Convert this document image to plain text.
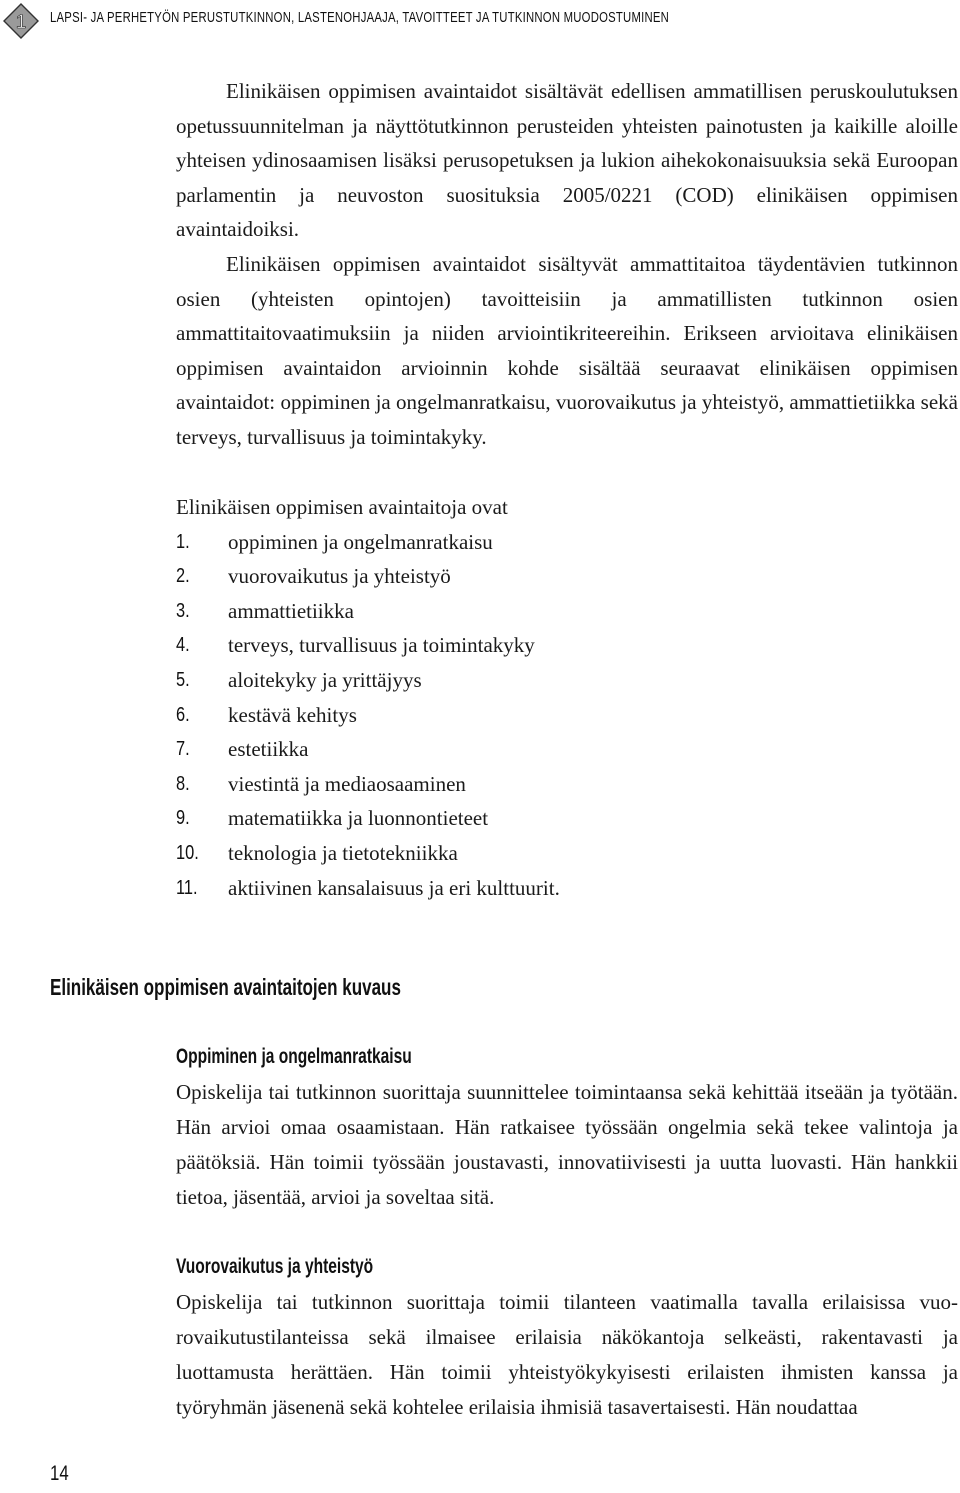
1 LAPSI- JA PERHETYÖN PERUSTUTKINNON, LASTENOHJAAJA, TAVOITTEET JA TUTKINNON MUODOSTUMINEN

Elinikäisen oppimisen avaintaidot sisältävät edellisen ammatillisen peruskoulutuksen opetussuunnitelman ja näyttötutkinnon perusteiden yhteisten painotusten ja kaikille aloille yhteisen ydinosaamisen lisäksi perusopetuksen ja lukion aihekokonaisuuksia sekä Euroopan parlamentin ja neuvoston suosituksia 2005/0221 (COD) elinikäisen oppimisen avaintaidoiksi.

Elinikäisen oppimisen avaintaidot sisältyvät ammattitaitoa täydentävien tutkinnon osien (yhteisten opintojen) tavoitteisiin ja ammatillisten tutkinnon osien ammattitaitovaatimuksiin ja niiden arviointikriteereihin. Erikseen arvioitava elinikäisen oppimisen avaintaidon arvioinnin kohde sisältää seuraavat elinikäisen oppimisen avaintaidot: oppiminen ja ongelmanratkaisu, vuorovaikutus ja yhteistyö, ammattietiikka sekä terveys, turvallisuus ja toimintakyky.

Elinikäisen oppimisen avaintaitoja ovat

1.	oppiminen ja ongelmanratkaisu
2.	vuorovaikutus ja yhteistyö
3.	ammattietiikka
4.	terveys, turvallisuus ja toimintakyky
5.	aloitekyky ja yrittäjyys
6.	kestävä kehitys
7.	estetiikka
8.	viestintä ja mediaosaaminen
9.	matematiikka ja luonnontieteet
10.	teknologia ja tietotekniikka
11.	aktiivinen kansalaisuus ja eri kulttuurit.
Elinikäisen oppimisen avaintaitojen kuvaus
Oppiminen ja ongelmanratkaisu

Opiskelija tai tutkinnon suorittaja suunnittelee toimintaansa sekä kehittää itseään ja työtään. Hän arvioi omaa osaamistaan. Hän ratkaisee työssään ongelmia sekä tekee valintoja ja päätöksiä. Hän toimii työssään joustavasti, innovatiivisesti ja uutta luovasti. Hän hankkii tietoa, jäsentää, arvioi ja soveltaa sitä.

Vuorovaikutus ja yhteistyö

Opiskelija tai tutkinnon suorittaja toimii tilanteen vaatimalla tavalla erilaisissa vuorovaikutustilanteissa sekä ilmaisee erilaisia näkökantoja selkeästi, rakentavasti ja luottamusta herättäen. Hän toimii yhteistyökykyisesti erilaisten ihmisten kanssa ja työryhmän jäsenenä sekä kohtelee erilaisia ihmisiä tasavertaisesti. Hän noudattaa

14
